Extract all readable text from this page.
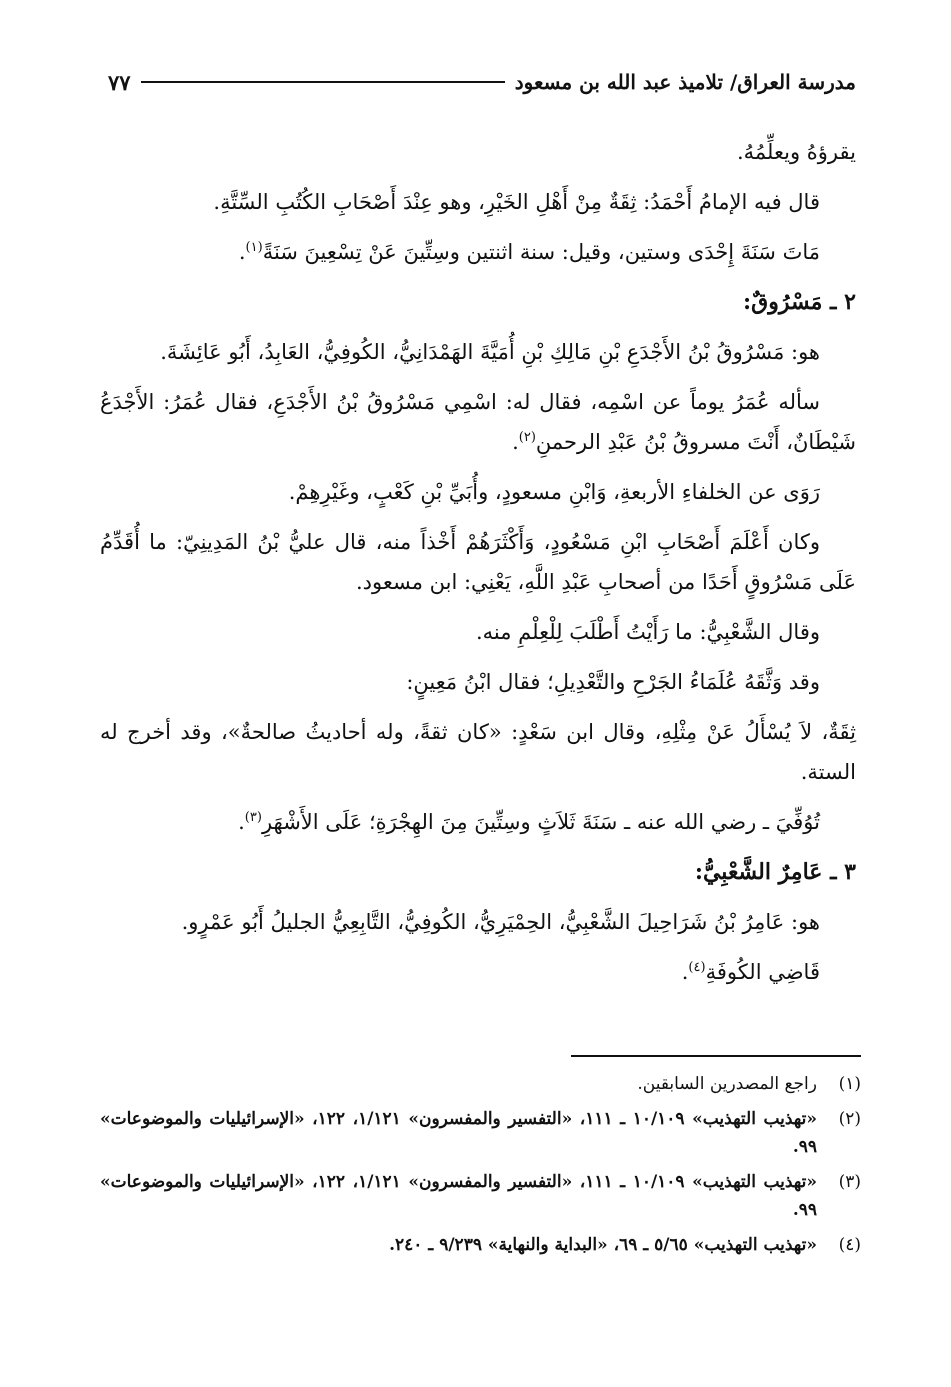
مدرسة العراق/ تلاميذ عبد الله بن مسعود
٧٧

يقرؤهُ ويعلِّمُهُ.

قال فيه الإمامُ أَحْمَدُ: ثِقَةٌ مِنْ أَهْلِ الخَيْرِ، وهو عِنْدَ أَصْحَابِ الكُتُبِ السِّتَّةِ.

مَاتَ سَنَةَ إِحْدَى وستين، وقيل: سنة اثنتين وسِتِّينَ عَنْ تِسْعِينَ سَنَةً$^{(١)}$.

٢ ـ مَسْرُوقٌ:

هو: مَسْرُوقُ بْنُ الأَجْدَعِ بْنِ مَالِكِ بْنِ أُمَيَّةَ الهَمْدَانِيُّ، الكُوفِيُّ، العَابِدُ، أَبُو عَائِشَةَ.

سأله عُمَرُ يوماً عن اسْمِه، فقال له: اسْمِي مَسْرُوقُ بْنُ الأَجْدَعِ، فقال عُمَرُ: الأَجْدَعُ شَيْطَانٌ، أَنْتَ مسروقُ بْنُ عَبْدِ الرحمنِ$^{(٢)}$.

رَوَى عن الخلفاءِ الأربعةِ، وَابْنِ مسعودٍ، وأُبَيِّ بْنِ كَعْبٍ، وغَيْرِهِمْ.

وكان أَعْلَمَ أَصْحَابِ ابْنِ مَسْعُودٍ، وَأَكْثَرَهُمْ أَخْذاً منه، قال عليُّ بْنُ المَدِينِيّ: ما أُقَدِّمُ عَلَى مَسْرُوقٍ أَحَدًا من أصحابِ عَبْدِ اللَّهِ، يَعْنِي: ابن مسعود.

وقال الشَّعْبِيُّ: ما رَأَيْتُ أَطْلَبَ لِلْعِلْمِ منه.

وقد وَثَّقَهُ عُلَمَاءُ الجَرْحِ والتَّعْدِيلِ؛ فقال ابْنُ مَعِينٍ:

ثِقَةٌ، لاَ يُسْأَلُ عَنْ مِثْلِهِ، وقال ابن سَعْدٍ: «كان ثقةً، وله أحاديثُ صالحةٌ»، وقد أخرج له الستة.

تُوُفِّيَ ـ رضي الله عنه ـ سَنَةَ ثَلاَثٍ وسِتِّينَ مِنَ الهِجْرَةِ؛ عَلَى الأَشْهَرِ$^{(٣)}$.

٣ ـ عَامِرٌ الشَّعْبِيُّ:

هو: عَامِرُ بْنُ شَرَاحِيلَ الشَّعْبِيُّ، الحِمْيَرِيُّ، الكُوفِيُّ، التَّابِعِيُّ الجليلُ أَبُو عَمْرٍو.

قَاضِي الكُوفَةِ$^{(٤)}$.

(١)
راجع المصدرين السابقين.
(٢)
«تهذيب التهذيب» ١٠/١٠٩ ـ ١١١، «التفسير والمفسرون» ١/١٢١، ١٢٢، «الإسرائيليات والموضوعات» ٩٩.
(٣)
«تهذيب التهذيب» ١٠/١٠٩ ـ ١١١، «التفسير والمفسرون» ١/١٢١، ١٢٢، «الإسرائيليات والموضوعات» ٩٩.
(٤)
«تهذيب التهذيب» ٥/٦٥ ـ ٦٩، «البداية والنهاية» ٩/٢٣٩ ـ ٢٤٠.
